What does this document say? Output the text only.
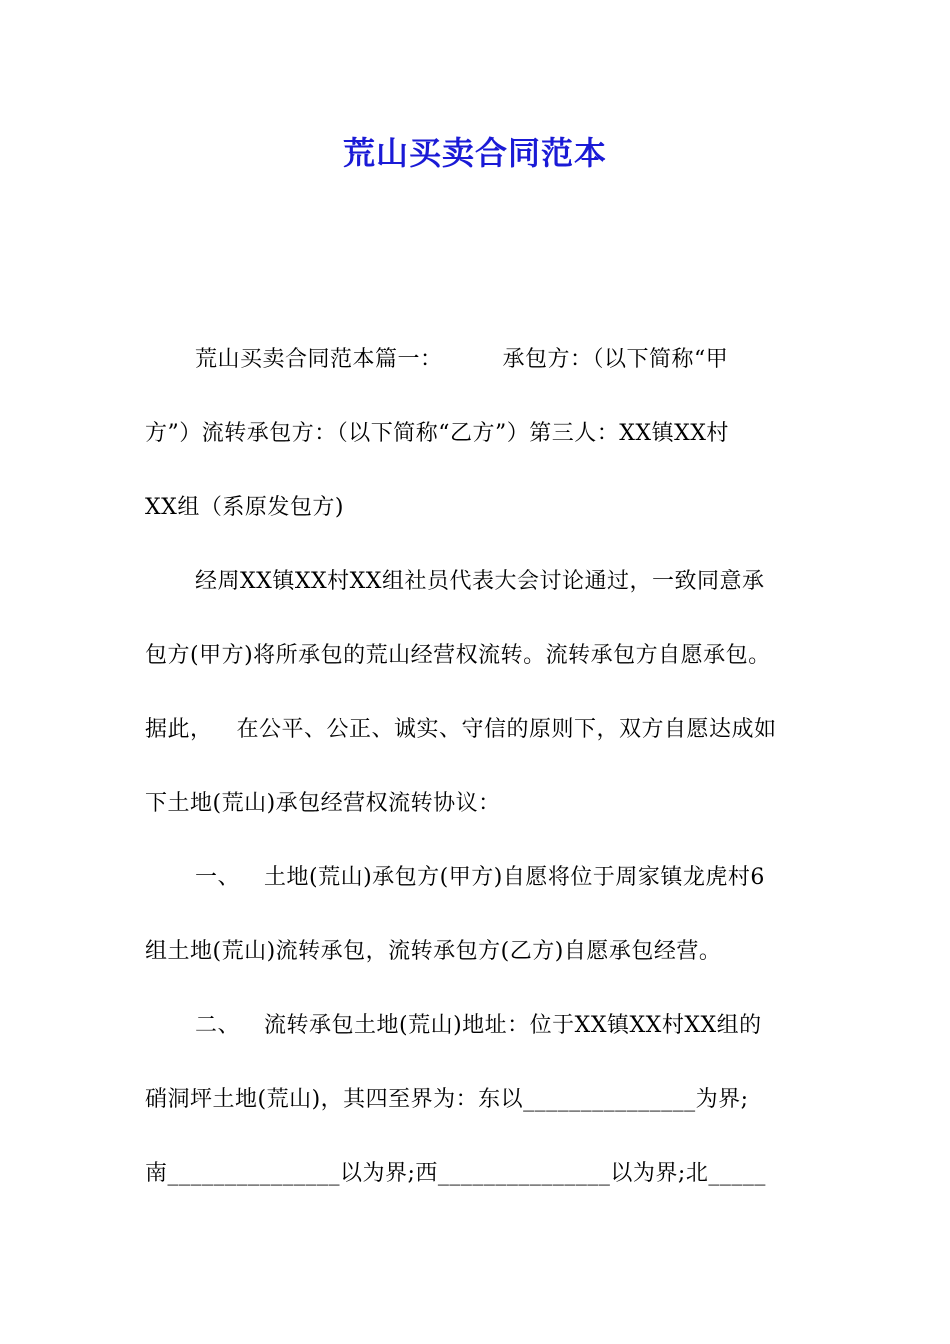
荒山买卖合同范本
荒山买卖合同范本篇一：	承包方：（以下简称“甲
方”）流转承包方：（以下简称“乙方”）第三人：XX镇XX村
XX组（系原发包方)
经周XX镇XX村XX组社员代表大会讨论通过，一致同意承
包方(甲方)将所承包的荒山经营权流转。流转承包方自愿承包。
据此， 在公平、公正、诚实、守信的原则下，双方自愿达成如
下土地(荒山)承包经营权流转协议：
一、 土地(荒山)承包方(甲方)自愿将位于周家镇龙虎村6
组土地(荒山)流转承包，流转承包方(乙方)自愿承包经营。
二、 流转承包土地(荒山)地址：位于XX镇XX村XX组的
硝洞坪土地(荒山)，其四至界为：东以_______________为界;
南_______________以为界;西_______________以为界;北_____
